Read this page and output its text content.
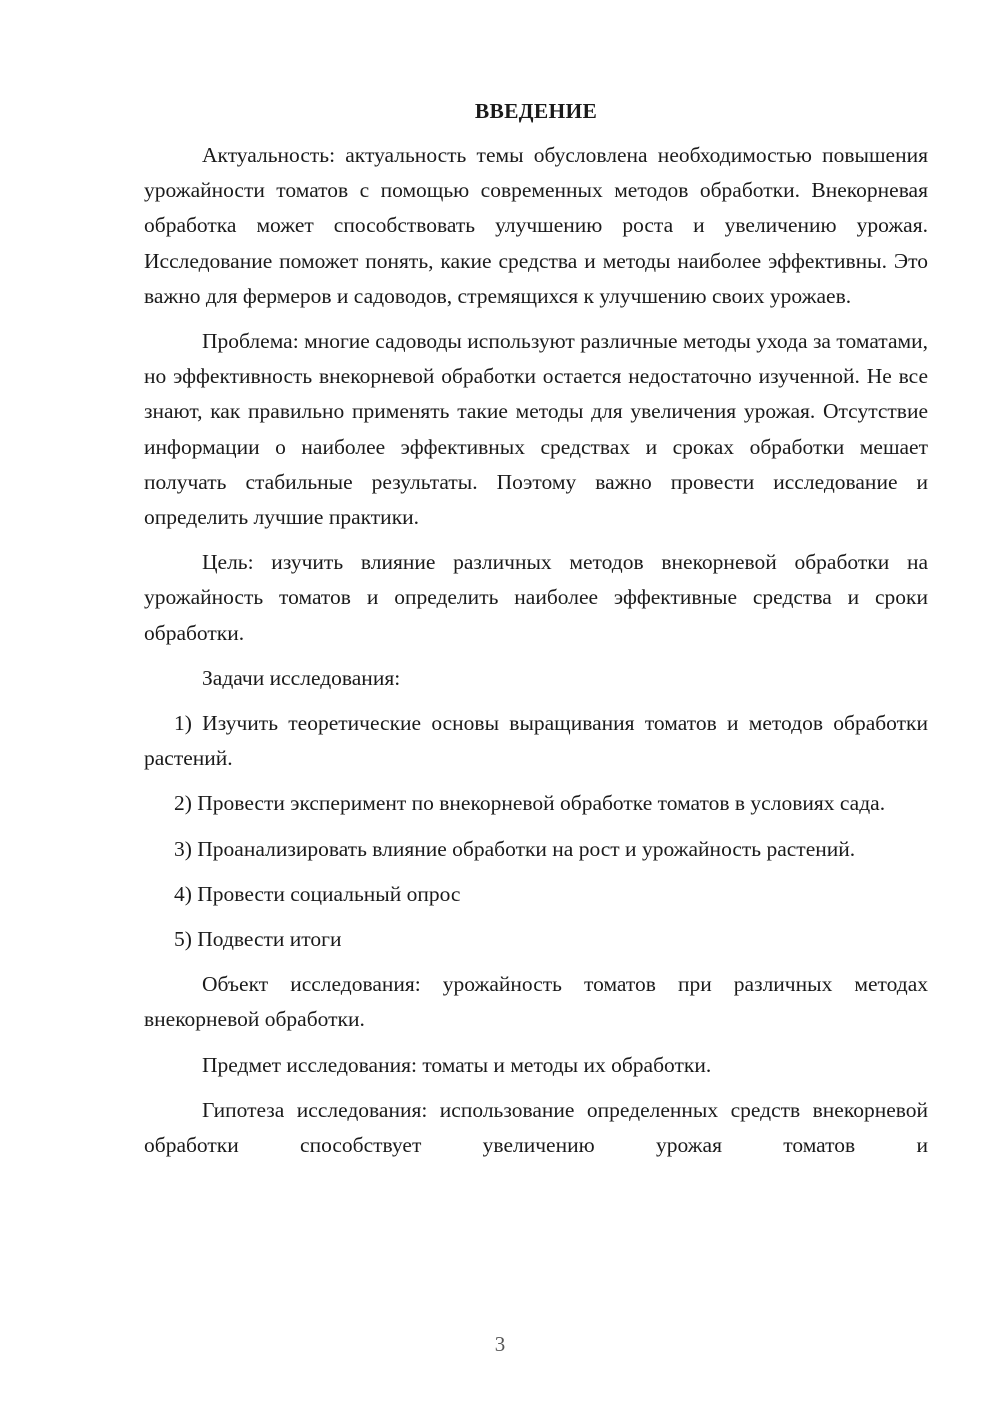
ВВЕДЕНИЕ

Актуальность: актуальность темы обусловлена необходимостью повышения урожайности томатов с помощью современных методов обработки. Внекорневая обработка может способствовать улучшению роста и увеличению урожая. Исследование поможет понять, какие средства и методы наиболее эффективны. Это важно для фермеров и садоводов, стремящихся к улучшению своих урожаев.

Проблема: многие садоводы используют различные методы ухода за томатами, но эффективность внекорневой обработки остается недостаточно изученной. Не все знают, как правильно применять такие методы для увеличения урожая. Отсутствие информации о наиболее эффективных средствах и сроках обработки мешает получать стабильные результаты. Поэтому важно провести исследование и определить лучшие практики.

Цель: изучить влияние различных методов внекорневой обработки на урожайность томатов и определить наиболее эффективные средства и сроки обработки.

Задачи исследования:

1) Изучить теоретические основы выращивания томатов и методов обработки растений.

2) Провести эксперимент по внекорневой обработке томатов в условиях сада.

3) Проанализировать влияние обработки на рост и урожайность растений.

4) Провести социальный опрос

5) Подвести итоги

Объект исследования: урожайность томатов при различных методах внекорневой обработки.

Предмет исследования: томаты и методы их обработки.

Гипотеза исследования: использование определенных средств внекорневой обработки способствует увеличению урожая томатов и

3
